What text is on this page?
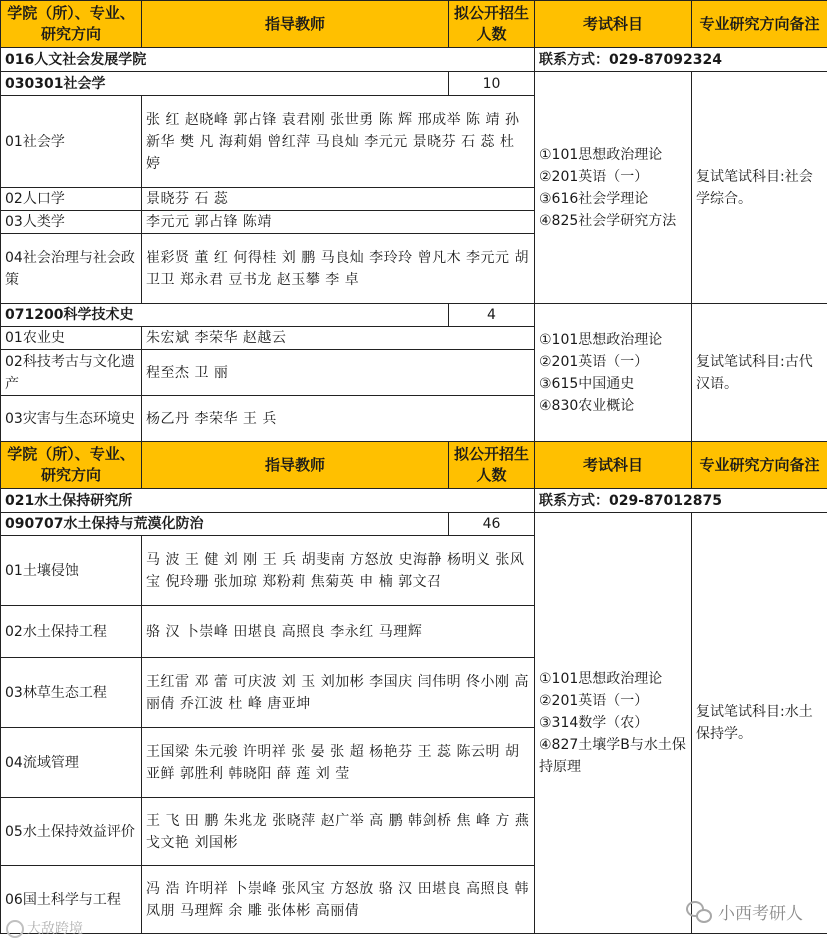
学院（所）、专业、研究方向	指导教师	拟公开招生人数	考试科目	专业研究方向备注
016人文社会发展学院			联系方式：029-87092324	
030301社会学		10	①101思想政治理论
②201英语（一）
③616社会学理论
④825社会学研究方法	复试笔试科目:社会学综合。
01社会学	张 红 赵晓峰 郭占锋 袁君刚 张世勇 陈 辉 邢成举 陈 靖 孙新华 樊 凡 海莉娟 曾红萍 马良灿 李元元 景晓芬 石 蕊 杜 婷			
02人口学	景晓芬 石 蕊			
03人类学	李元元 郭占锋 陈靖			
04社会治理与社会政策	崔彩贤 董 红 何得桂 刘 鹏 马良灿 李玲玲 曾凡木 李元元 胡卫卫 郑永君 豆书龙 赵玉攀 李 卓			
071200科学技术史		4	①101思想政治理论
②201英语（一）
③615中国通史
④830农业概论	复试笔试科目:古代汉语。
01农业史	朱宏斌 李荣华 赵越云			
02科技考古与文化遗产	程至杰 卫 丽			
03灾害与生态环境史	杨乙丹 李荣华 王 兵			
学院（所）、专业、研究方向	指导教师	拟公开招生人数	考试科目	专业研究方向备注
021水土保持研究所			联系方式：029-87012875	
090707水土保持与荒漠化防治		46	①101思想政治理论
②201英语（一）
③314数学（农）
④827土壤学B与水土保持原理	复试笔试科目:水土保持学。
01土壤侵蚀	马 波 王 健 刘 刚 王 兵 胡斐南 方怒放 史海静 杨明义 张风宝 倪玲珊 张加琼 郑粉莉 焦菊英 申 楠 郭文召			
02水土保持工程	骆 汉 卜崇峰 田堪良 高照良 李永红 马理辉			
03林草生态工程	王红雷 邓 蕾 可庆波 刘 玉 刘加彬 李国庆 闫伟明 佟小刚 高丽倩 乔江波 杜 峰 唐亚坤			
04流域管理	王国梁 朱元骏 许明祥 张 晏 张 超 杨艳芬 王 蕊 陈云明 胡亚鲜 郭胜利 韩晓阳 薛 莲 刘 莹			
05水土保持效益评价	王 飞 田 鹏 朱兆龙 张晓萍 赵广举 高 鹏 韩剑桥 焦 峰 方 燕 戈文艳 刘国彬			
06国土科学与工程	冯 浩 许明祥 卜崇峰 张风宝 方怒放 骆 汉 田堪良 高照良 韩凤朋 马理辉 余 雕 张体彬 高丽倩			
大敌跨境
小西考研人
